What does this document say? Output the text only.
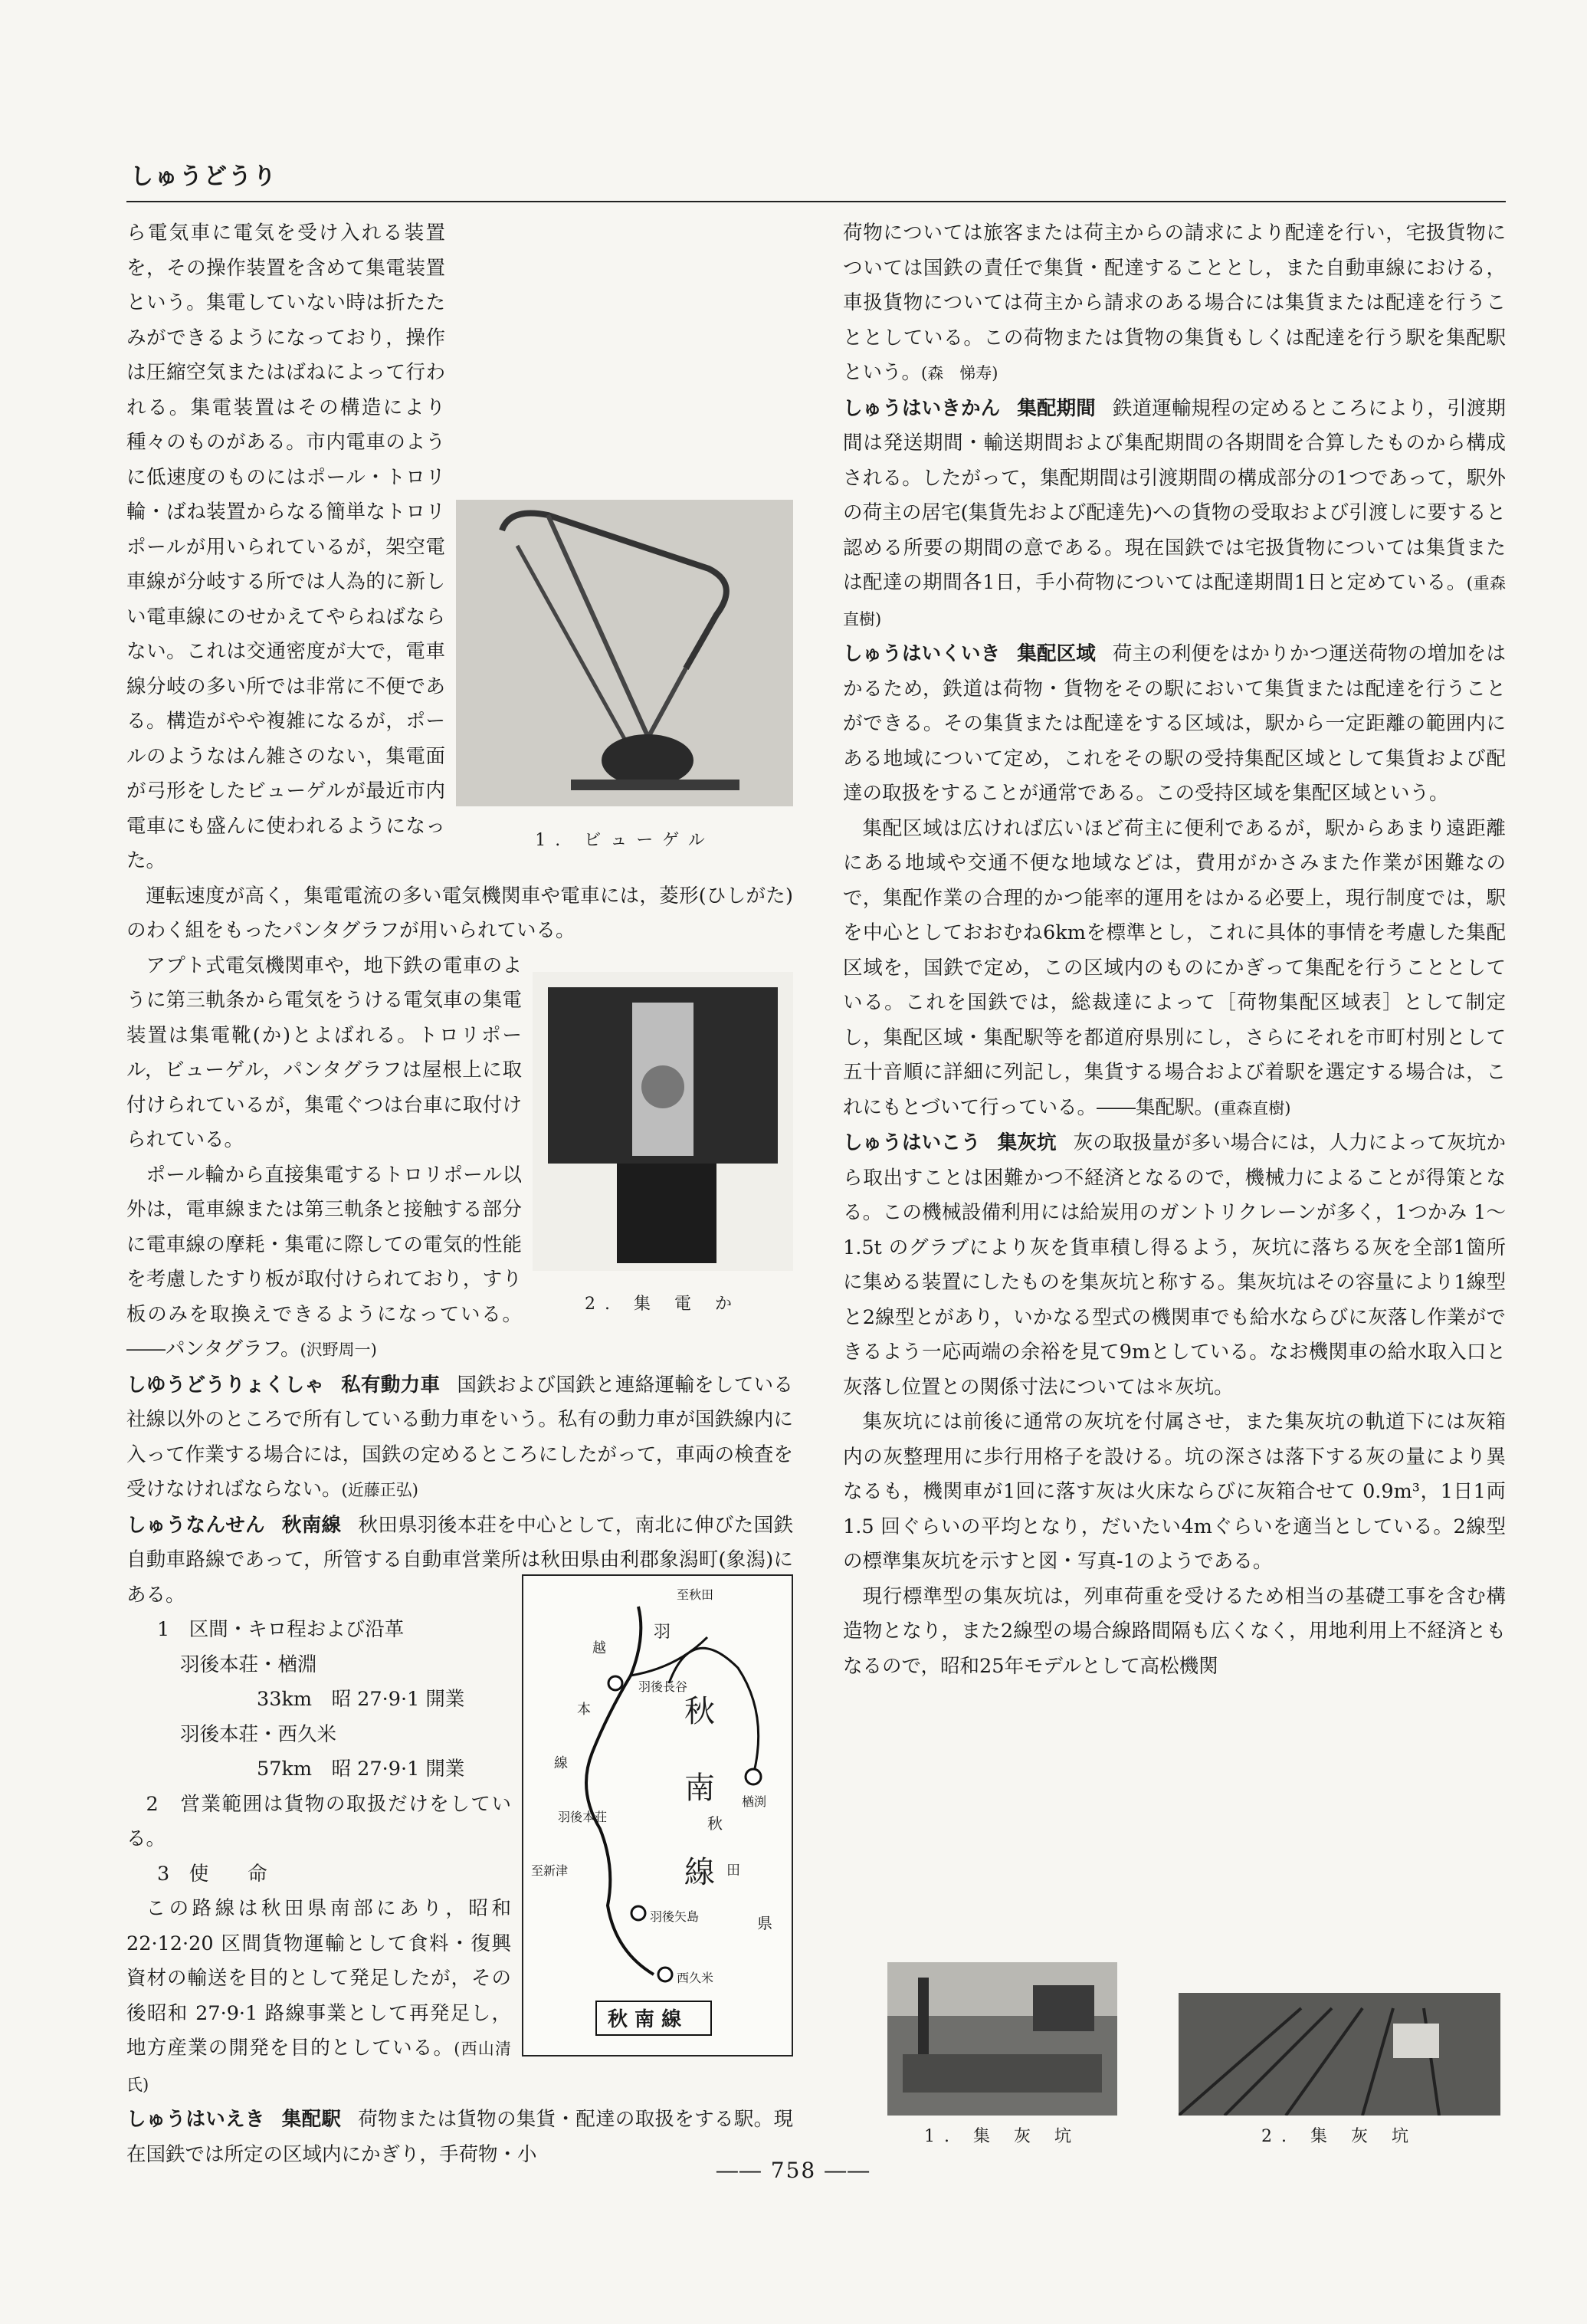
しゅうどうり
1. ビューゲル

ら電気車に電気を受け入れる装置を，その操作装置を含めて集電装置という。集電していない時は折たたみができるようになっており，操作は圧縮空気またはばねによって行われる。集電装置はその構造により種々のものがある。市内電車のように低速度のものにはポール・トロリ輪・ばね装置からなる簡単なトロリポールが用いられているが，架空電車線が分岐する所では人為的に新しい電車線にのせかえてやらねばならない。これは交通密度が大で，電車線分岐の多い所では非常に不便である。構造がやや複雑になるが，ポールのようなはん雑さのない，集電面が弓形をしたビューゲルが最近市内電車にも盛んに使われるようになった。

運転速度が高く，集電電流の多い電気機関車や電車には，菱形(ひしがた)のわく組をもったパンタグラフが用いられている。

2. 集 電 か

アプト式電気機関車や，地下鉄の電車のように第三軌条から電気をうける電気車の集電装置は集電靴(か)とよばれる。トロリポール，ビューゲル，パンタグラフは屋根上に取付けられているが，集電ぐつは台車に取付けられている。

ポール輪から直接集電するトロリポール以外は，電車線または第三軌条と接触する部分に電車線の摩耗・集電に際しての電気的性能を考慮したすり板が取付けられており，すり板のみを取換えできるようになっている。――パンタグラフ。(沢野周一)

しゆうどうりょくしゃ 私有動力車 国鉄および国鉄と連絡運輸をしている社線以外のところで所有している動力車をいう。私有の動力車が国鉄線内に入って作業する場合には，国鉄の定めるところにしたがって，車両の検査を受けなければならない。(近藤正弘)

しゅうなんせん 秋南線 秋田県羽後本荘を中心として，南北に伸びた国鉄自動車路線であって，所管する自動車営業所は秋田県由利郡象潟町(象潟)にある。	至秋田
羽
越
本
線
羽後本荘
羽後長谷
秋
南
線
秋
田
県
楢渕
羽後矢島
西久米
至新津
秋 南 線

1　区間・キロ程および沿革

羽後本荘・楢淵

33km　昭 27·9·1 開業

羽後本荘・西久米

57km　昭 27·9·1 開業

2　営業範囲は貨物の取扱だけをしている。

3　使　　命

この路線は秋田県南部にあり，昭和 22·12·20 区間貨物運輸として食料・復興資材の輸送を目的として発足したが，その後昭和 27·9·1 路線事業として再発足し，地方産業の開発を目的としている。(西山清氏)

しゅうはいえき 集配駅 荷物または貨物の集貨・配達の取扱をする駅。現在国鉄では所定の区域内にかぎり，手荷物・小

荷物については旅客または荷主からの請求により配達を行い，宅扱貨物については国鉄の責任で集貨・配達することとし，また自動車線における，車扱貨物については荷主から請求のある場合には集貨または配達を行うこととしている。この荷物または貨物の集貨もしくは配達を行う駅を集配駅という。(森　悌寿)

しゅうはいきかん 集配期間 鉄道運輸規程の定めるところにより，引渡期間は発送期間・輸送期間および集配期間の各期間を合算したものから構成される。したがって，集配期間は引渡期間の構成部分の1つであって，駅外の荷主の居宅(集貨先および配達先)への貨物の受取および引渡しに要すると認める所要の期間の意である。現在国鉄では宅扱貨物については集貨または配達の期間各1日，手小荷物については配達期間1日と定めている。(重森直樹)

しゅうはいくいき 集配区域 荷主の利便をはかりかつ運送荷物の増加をはかるため，鉄道は荷物・貨物をその駅において集貨または配達を行うことができる。その集貨または配達をする区域は，駅から一定距離の範囲内にある地域について定め，これをその駅の受持集配区域として集貨および配達の取扱をすることが通常である。この受持区域を集配区域という。

集配区域は広ければ広いほど荷主に便利であるが，駅からあまり遠距離にある地域や交通不便な地域などは，費用がかさみまた作業が困難なので，集配作業の合理的かつ能率的運用をはかる必要上，現行制度では，駅を中心としておおむね6kmを標準とし，これに具体的事情を考慮した集配区域を，国鉄で定め，この区域内のものにかぎって集配を行うこととしている。これを国鉄では，総裁達によって［荷物集配区域表］として制定し，集配区域・集配駅等を都道府県別にし，さらにそれを市町村別として五十音順に詳細に列記し，集貨する場合および着駅を選定する場合は，これにもとづいて行っている。――集配駅。(重森直樹)

しゅうはいこう 集灰坑 灰の取扱量が多い場合には，人力によって灰坑から取出すことは困難かつ不経済となるので，機械力によることが得策となる。この機械設備利用には給炭用のガントリクレーンが多く，1つかみ 1～1.5t のグラブにより灰を貨車積し得るよう，灰坑に落ちる灰を全部1箇所に集める装置にしたものを集灰坑と称する。集灰坑はその容量により1線型と2線型とがあり，いかなる型式の機関車でも給水ならびに灰落し作業ができるよう一応両端の余裕を見て9mとしている。なお機関車の給水取入口と灰落し位置との関係寸法については＊灰坑。

集灰坑には前後に通常の灰坑を付属させ，また集灰坑の軌道下には灰箱内の灰整理用に歩行用格子を設ける。坑の深さは落下する灰の量により異なるも，機関車が1回に落す灰は火床ならびに灰箱合せて 0.9m³，1日1両 1.5 回ぐらいの平均となり，だいたい4mぐらいを適当としている。2線型の標準集灰坑を示すと図・写真-1のようである。

現行標準型の集灰坑は，列車荷重を受けるため相当の基礎工事を含む構造物となり，また2線型の場合線路間隔も広くなく，用地利用上不経済ともなるので，昭和25年モデルとして高松機関

1. 集 灰 坑	2. 集 灰 坑
―― 758 ――
